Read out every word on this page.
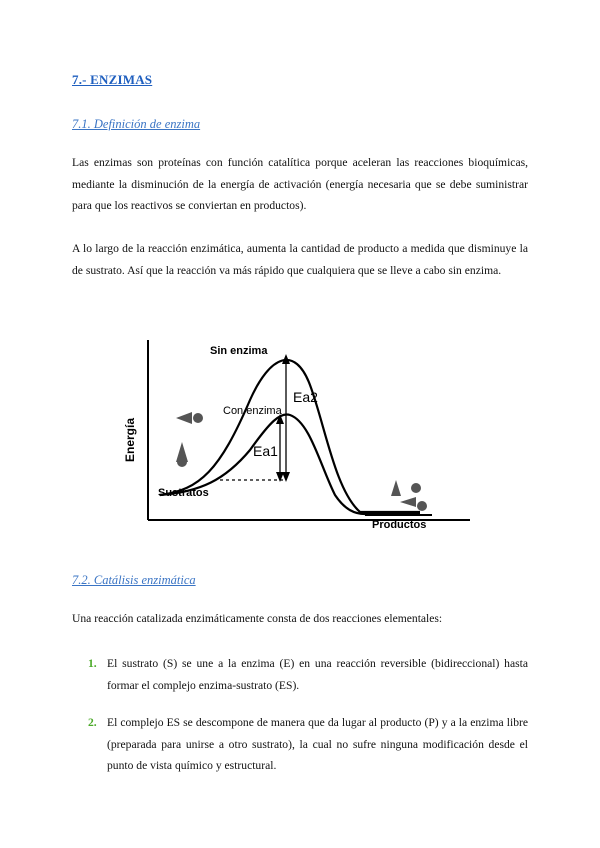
7.- ENZIMAS
7.1. Definición de enzima

Las enzimas son proteínas con función catalítica porque aceleran las reacciones bioquímicas, mediante la disminución de la energía de activación (energía necesaria que se debe suministrar para que los reactivos se conviertan en productos).

A lo largo de la reacción enzimática, aumenta la cantidad de producto a medida que disminuye la de sustrato. Así que la reacción va más rápido que cualquiera que se lleve a cabo sin enzima.

Energía
Sin enzima
Con enzima
Ea2
Ea1
Sustratos
Productos
7.2. Catálisis enzimática

Una reacción catalizada enzimáticamente consta de dos reacciones elementales:

1. El sustrato (S) se une a la enzima (E) en una reacción reversible (bidireccional) hasta formar el complejo enzima-sustrato (ES).
2. El complejo ES se descompone de manera que da lugar al producto (P) y a la enzima libre (preparada para unirse a otro sustrato), la cual no sufre ninguna modificación desde el punto de vista químico y estructural.
